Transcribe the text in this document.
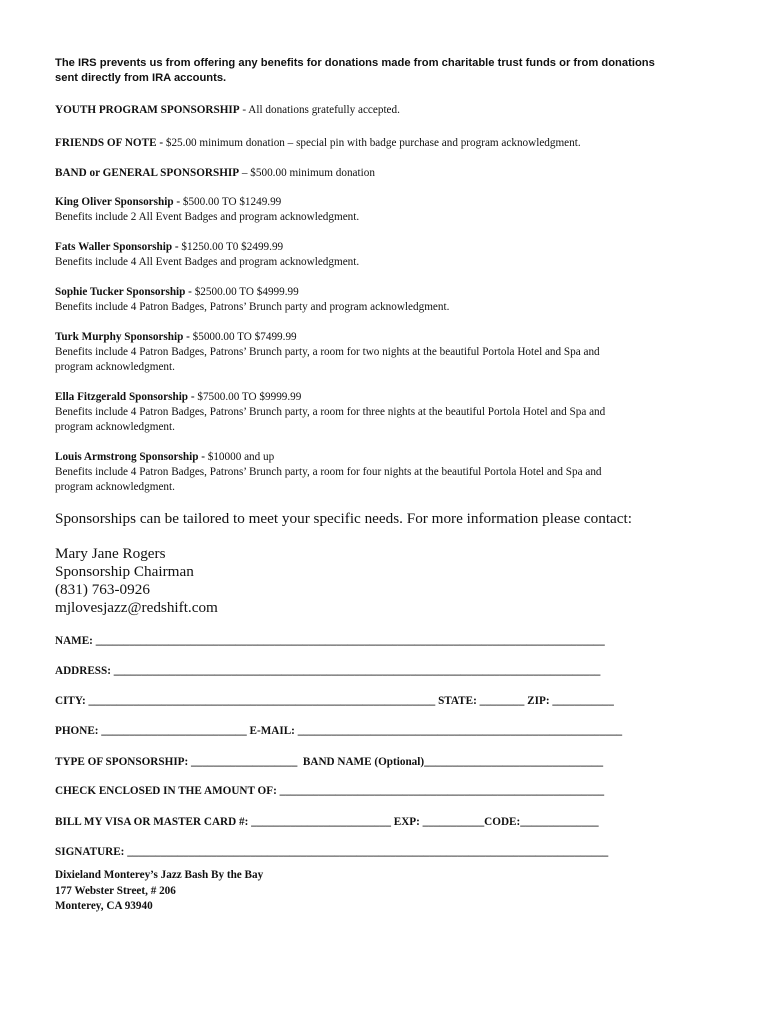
The IRS prevents us from offering any benefits for donations made from charitable trust funds or from donations

sent directly from IRA accounts.

YOUTH PROGRAM SPONSORSHIP - All donations gratefully accepted.

FRIENDS OF NOTE - $25.00 minimum donation – special pin with badge purchase and program acknowledgment.

BAND or GENERAL SPONSORSHIP – $500.00 minimum donation

King Oliver Sponsorship - $500.00 TO $1249.99

Benefits include 2 All Event Badges and program acknowledgment.

Fats Waller Sponsorship - $1250.00 T0 $2499.99

Benefits include 4 All Event Badges and program acknowledgment.

Sophie Tucker Sponsorship - $2500.00 TO $4999.99

Benefits include 4 Patron Badges, Patrons’ Brunch party and program acknowledgment.

Turk Murphy Sponsorship - $5000.00 TO $7499.99

Benefits include 4 Patron Badges, Patrons’ Brunch party, a room for two nights at the beautiful Portola Hotel and Spa and

program acknowledgment.

Ella Fitzgerald Sponsorship - $7500.00 TO $9999.99

Benefits include 4 Patron Badges, Patrons’ Brunch party, a room for three nights at the beautiful Portola Hotel and Spa and

program acknowledgment.

Louis Armstrong Sponsorship - $10000 and up

Benefits include 4 Patron Badges, Patrons’ Brunch party, a room for four nights at the beautiful Portola Hotel and Spa and

program acknowledgment.

Sponsorships can be tailored to meet your specific needs. For more information please contact:

Mary Jane Rogers

Sponsorship Chairman

(831) 763-0926

mjlovesjazz@redshift.com

NAME: ___________________________________________________________________________________________

ADDRESS: _______________________________________________________________________________________

CITY: ______________________________________________________________ STATE: ________ ZIP: ___________

PHONE: __________________________ E-MAIL: __________________________________________________________

TYPE OF SPONSORSHIP: ___________________  BAND NAME (Optional)________________________________

CHECK ENCLOSED IN THE AMOUNT OF: __________________________________________________________

BILL MY VISA OR MASTER CARD #: _________________________ EXP: ___________CODE:______________

SIGNATURE: ______________________________________________________________________________________

Dixieland Monterey’s Jazz Bash By the Bay

177 Webster Street, # 206

Monterey, CA 93940
